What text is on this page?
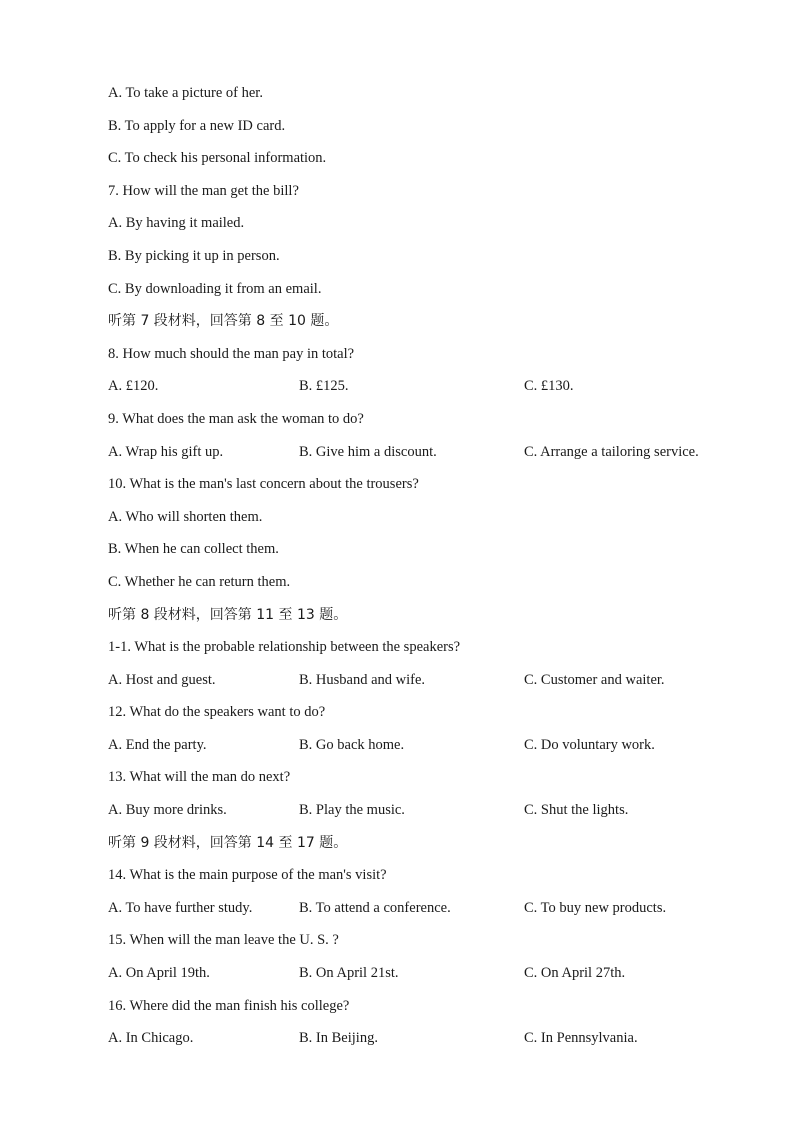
A. To take a picture of her.
B. To apply for a new ID card.
C. To check his personal information.
7. How will the man get the bill?
A. By having it mailed.
B. By picking it up in person.
C. By downloading it from an email.
听第 7 段材料，回答第 8 至 10 题。
8. How much should the man pay in total?
A. £120.	B. £125.	C. £130.
9. What does the man ask the woman to do?
A. Wrap his gift up.	B. Give him a discount.	C. Arrange a tailoring service.
10. What is the man's last concern about the trousers?
A. Who will shorten them.
B. When he can collect them.
C. Whether he can return them.
听第 8 段材料，回答第 11 至 13 题。
1-1. What is the probable relationship between the speakers?
A. Host and guest.	B. Husband and wife.	C. Customer and waiter.
12. What do the speakers want to do?
A. End the party.	B. Go back home.	C. Do voluntary work.
13. What will the man do next?
A. Buy more drinks.	B. Play the music.	C. Shut the lights.
听第 9 段材料，回答第 14 至 17 题。
14. What is the main purpose of the man's visit?
A. To have further study.	B. To attend a conference.	C. To buy new products.
15. When will the man leave the U. S. ?
A. On April 19th.	B. On April 21st.	C. On April 27th.
16. Where did the man finish his college?
A. In Chicago.	B. In Beijing.	C. In Pennsylvania.
